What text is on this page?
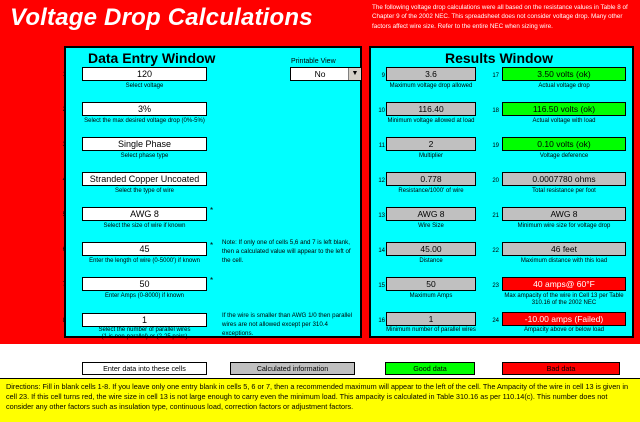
Voltage Drop Calculations	The following voltage drop calculations were all based on the resistance values in Table 8 of Chapter 9 of the 2002 NEC. This spreadsheet does not consider voltage drop. Many other factors affect wire size. Refer to the entire NEC when sizing wire.
Data Entry Window	Printable View
No	▼
1	120
Select voltage
2	3%
Select the max desired voltage drop (0%-5%)
3	Single Phase
Select phase type
4	Stranded Copper Uncoated
Select the type of wire
5	AWG 8	*
Select the size of wire if known
6	45	*
Enter the length of wire (0-5000') if known
7	50	*
Enter Amps (0-8000) if known
8	1
Select the number of parallel wires
(1 is non-parallel) or (2-25 pairs)
Note: If only one of cells 5,6 and 7 is left blank, then a calculated value will appear to the left of the cell.
If the wire is smaller than AWG 1/0 then parallel wires are not allowed except per 310.4 exceptions.
Results Window
9	3.6
Maximum voltage drop allowed
10	116.40
Minimum voltage allowed at load
11	2
Multiplier
12	0.778
Resistance/1000' of wire
13	AWG 8
Wire Size
14	45.00
Distance
15	50
Maximum Amps
16	1
Minimum number of parallel wires
17	3.50 volts (ok)
Actual voltage drop
18	116.50 volts (ok)
Actual voltage with load
19	0.10 volts (ok)
Voltage deference
20	0.0007780 ohms
Total resistance per foot
21	AWG 8
Minimum wire size for voltage drop
22	46 feet
Maximum distance with this load
23	40 amps@ 60°F
Max ampacity of the wire in Cell 13 per Table
310.16 of the 2002 NEC
24	-10.00 amps (Failed)
Ampacity above or below load
Enter data into these cells	Calculated information	Good data	Bad data
Directions: Fill in blank cells 1-8. If you leave only one entry blank in cells 5, 6 or 7, then a recommended maximum will appear to the left of the cell. The Ampacity of the wire in cell 13 is given in cell 23. If this cell turns red, the wire size in cell 13 is not large enough to carry even the minimum load. This ampacity is calculated in Table 310.16 as per 110.14(c). This number does not consider any other factors such as insulation type, continuous load, correction factors or adjustment factors.
